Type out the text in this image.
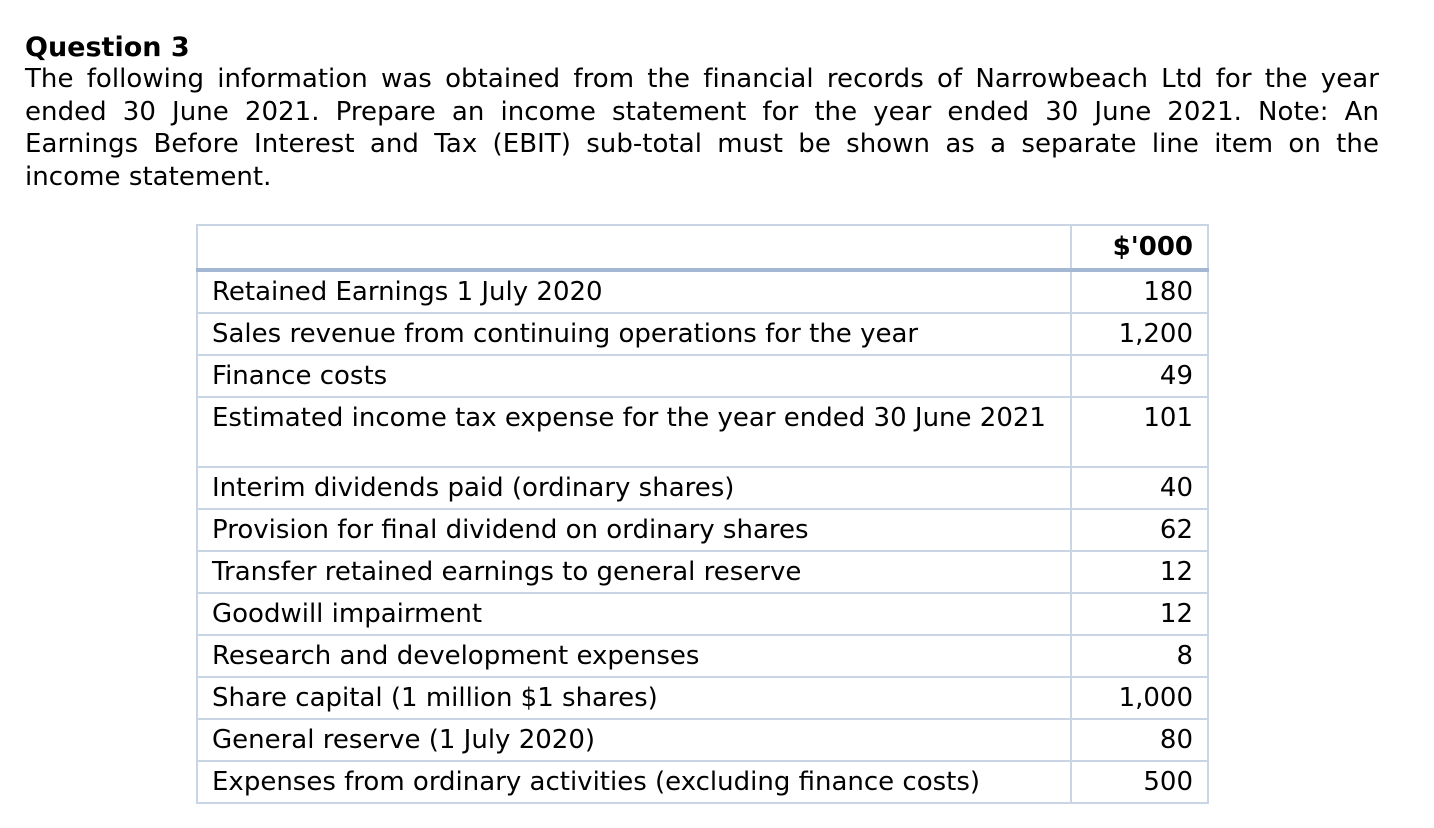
Question 3
The following information was obtained from the financial records of Narrowbeach Ltd for the year
ended 30 June 2021. Prepare an income statement for the year ended 30 June 2021. Note: An
Earnings Before Interest and Tax (EBIT) sub-total must be shown as a separate line item on the
income statement.
	$'000
Retained Earnings 1 July 2020	180
Sales revenue from continuing operations for the year	1,200
Finance costs	49
Estimated income tax expense for the year ended 30 June 2021	101
Interim dividends paid (ordinary shares)	40
Provision for final dividend on ordinary shares	62
Transfer retained earnings to general reserve	12
Goodwill impairment	12
Research and development expenses	8
Share capital (1 million $1 shares)	1,000
General reserve (1 July 2020)	80
Expenses from ordinary activities (excluding finance costs)	500
